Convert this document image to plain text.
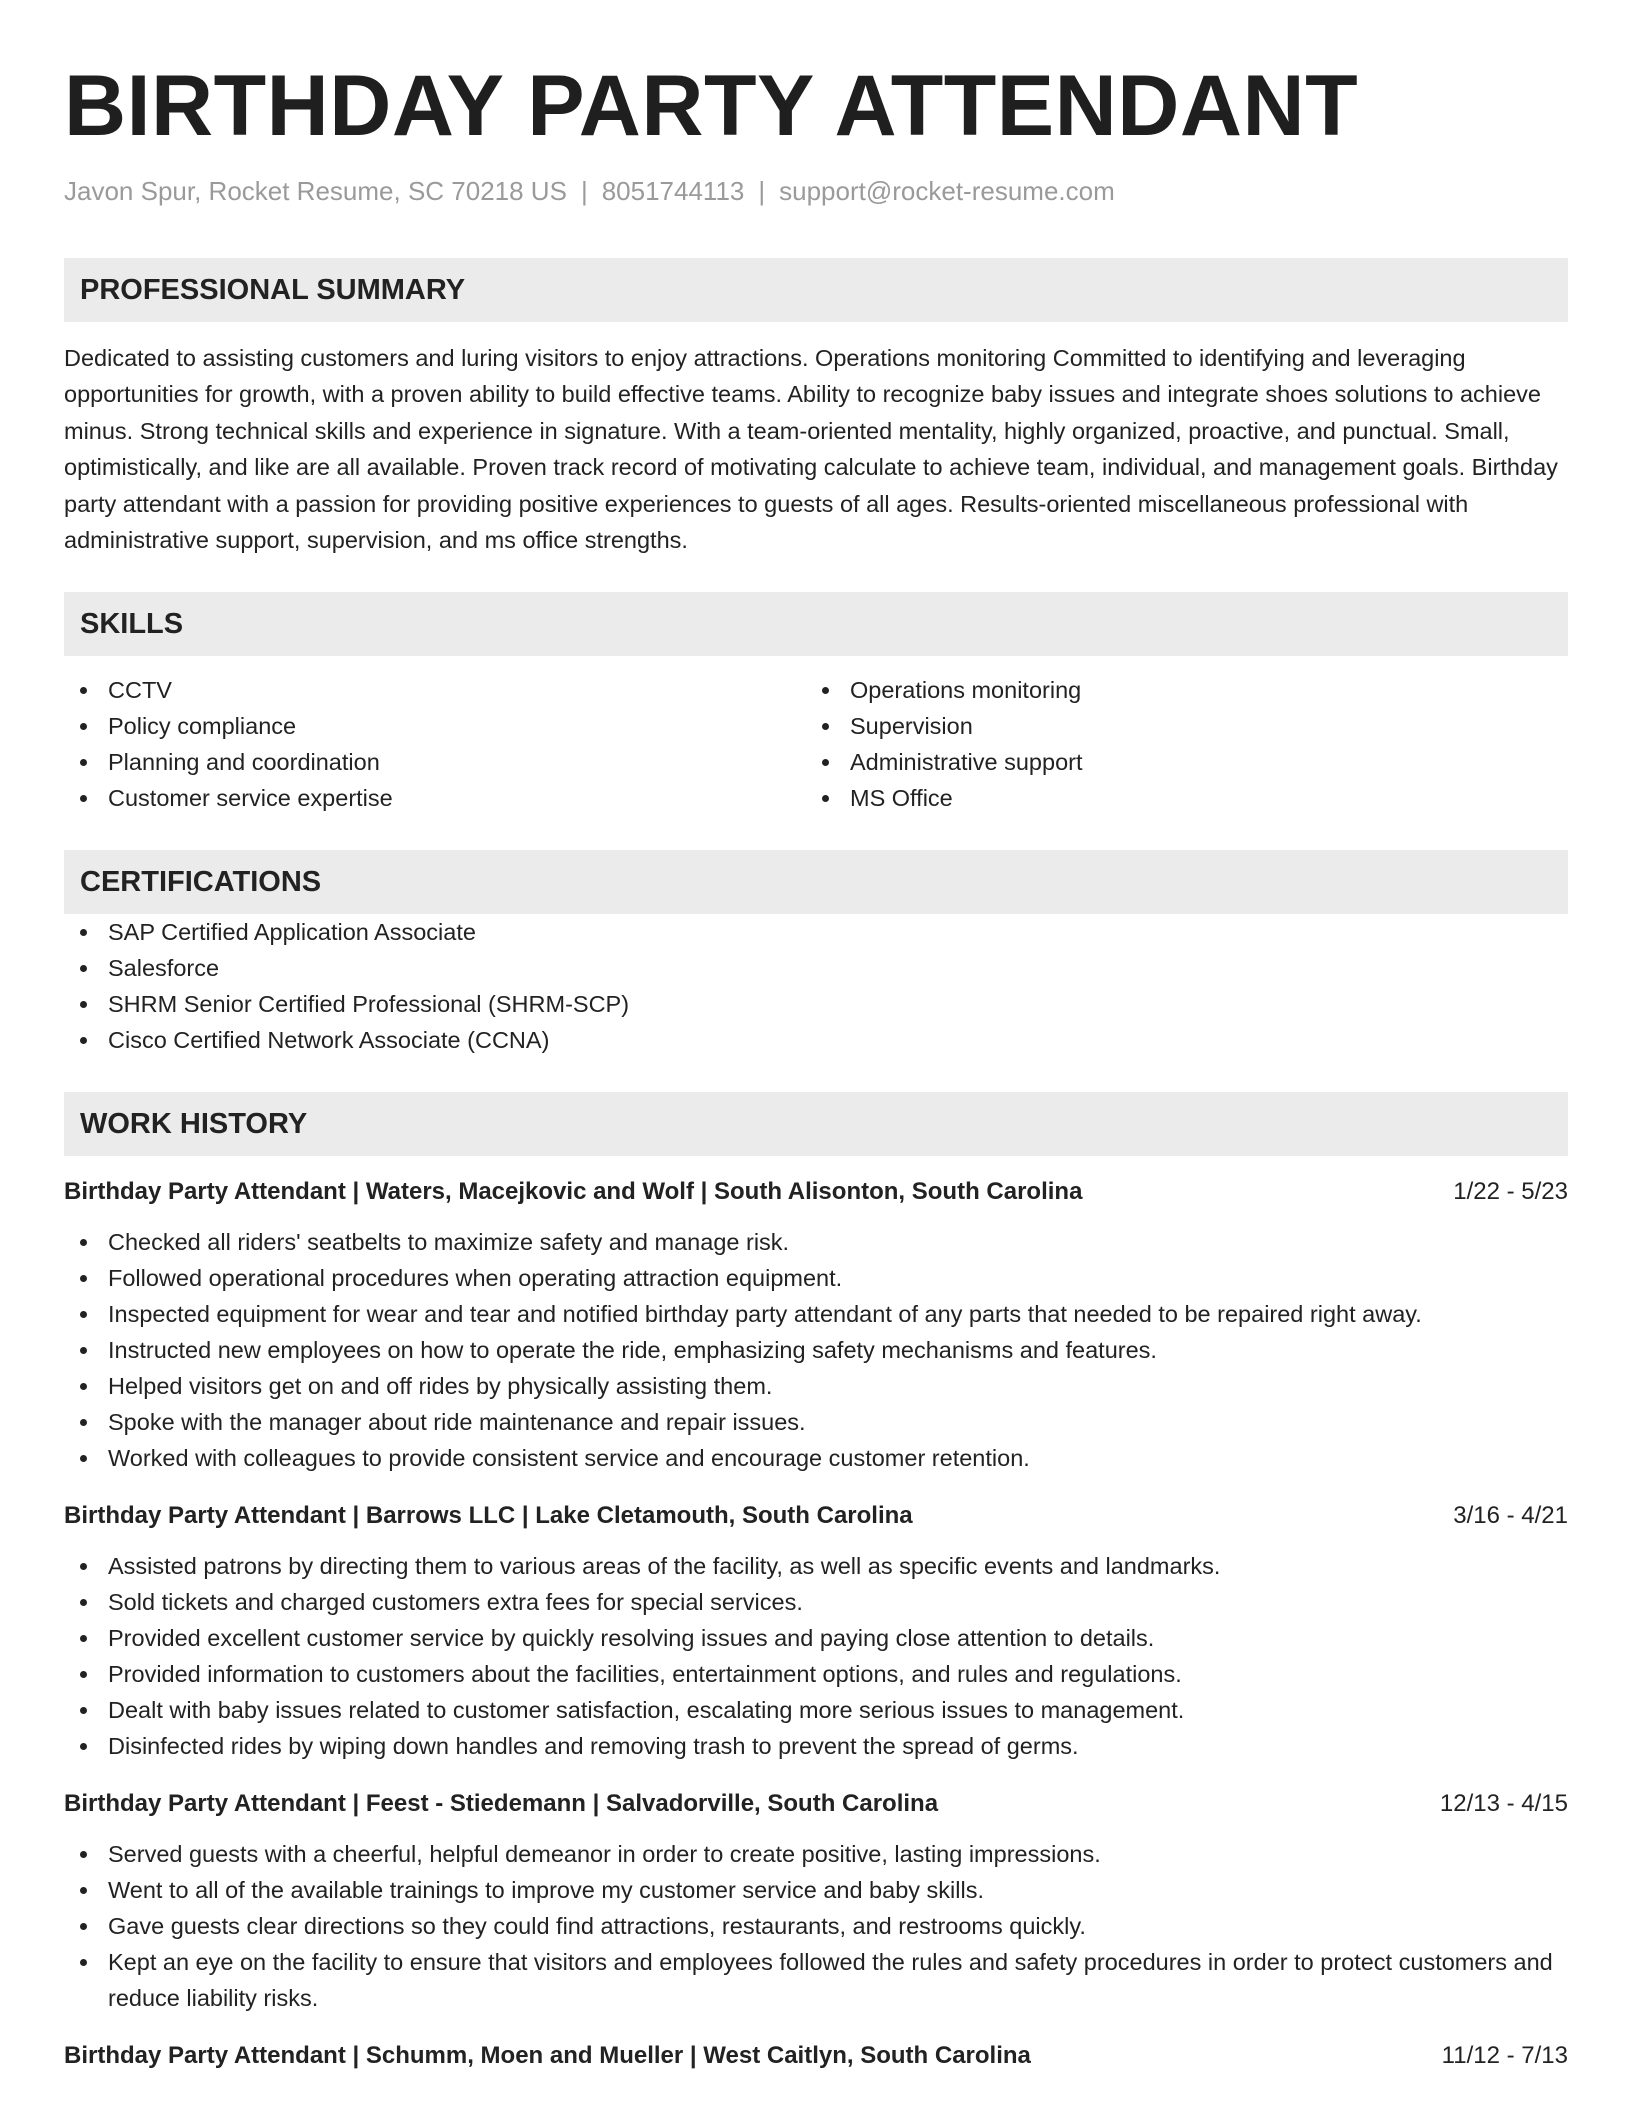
BIRTHDAY PARTY ATTENDANT
Javon Spur, Rocket Resume, SC 70218 US | 8051744113 | support@rocket-resume.com
PROFESSIONAL SUMMARY

Dedicated to assisting customers and luring visitors to enjoy attractions. Operations monitoring Committed to identifying and leveraging opportunities for growth, with a proven ability to build effective teams. Ability to recognize baby issues and integrate shoes solutions to achieve minus. Strong technical skills and experience in signature. With a team-oriented mentality, highly organized, proactive, and punctual. Small, optimistically, and like are all available. Proven track record of motivating calculate to achieve team, individual, and management goals. Birthday party attendant with a passion for providing positive experiences to guests of all ages. Results-oriented miscellaneous professional with administrative support, supervision, and ms office strengths.

SKILLS
CCTV
Policy compliance
Planning and coordination
Customer service expertise
Operations monitoring
Supervision
Administrative support
MS Office
CERTIFICATIONS
SAP Certified Application Associate
Salesforce
SHRM Senior Certified Professional (SHRM-SCP)
Cisco Certified Network Associate (CCNA)
WORK HISTORY
Birthday Party Attendant | Waters, Macejkovic and Wolf | South Alisonton, South Carolina	1/22 - 5/23
Checked all riders' seatbelts to maximize safety and manage risk.
Followed operational procedures when operating attraction equipment.
Inspected equipment for wear and tear and notified birthday party attendant of any parts that needed to be repaired right away.
Instructed new employees on how to operate the ride, emphasizing safety mechanisms and features.
Helped visitors get on and off rides by physically assisting them.
Spoke with the manager about ride maintenance and repair issues.
Worked with colleagues to provide consistent service and encourage customer retention.
Birthday Party Attendant | Barrows LLC | Lake Cletamouth, South Carolina	3/16 - 4/21
Assisted patrons by directing them to various areas of the facility, as well as specific events and landmarks.
Sold tickets and charged customers extra fees for special services.
Provided excellent customer service by quickly resolving issues and paying close attention to details.
Provided information to customers about the facilities, entertainment options, and rules and regulations.
Dealt with baby issues related to customer satisfaction, escalating more serious issues to management.
Disinfected rides by wiping down handles and removing trash to prevent the spread of germs.
Birthday Party Attendant | Feest - Stiedemann | Salvadorville, South Carolina	12/13 - 4/15
Served guests with a cheerful, helpful demeanor in order to create positive, lasting impressions.
Went to all of the available trainings to improve my customer service and baby skills.
Gave guests clear directions so they could find attractions, restaurants, and restrooms quickly.
Kept an eye on the facility to ensure that visitors and employees followed the rules and safety procedures in order to protect customers and reduce liability risks.
Birthday Party Attendant | Schumm, Moen and Mueller | West Caitlyn, South Carolina	11/12 - 7/13
